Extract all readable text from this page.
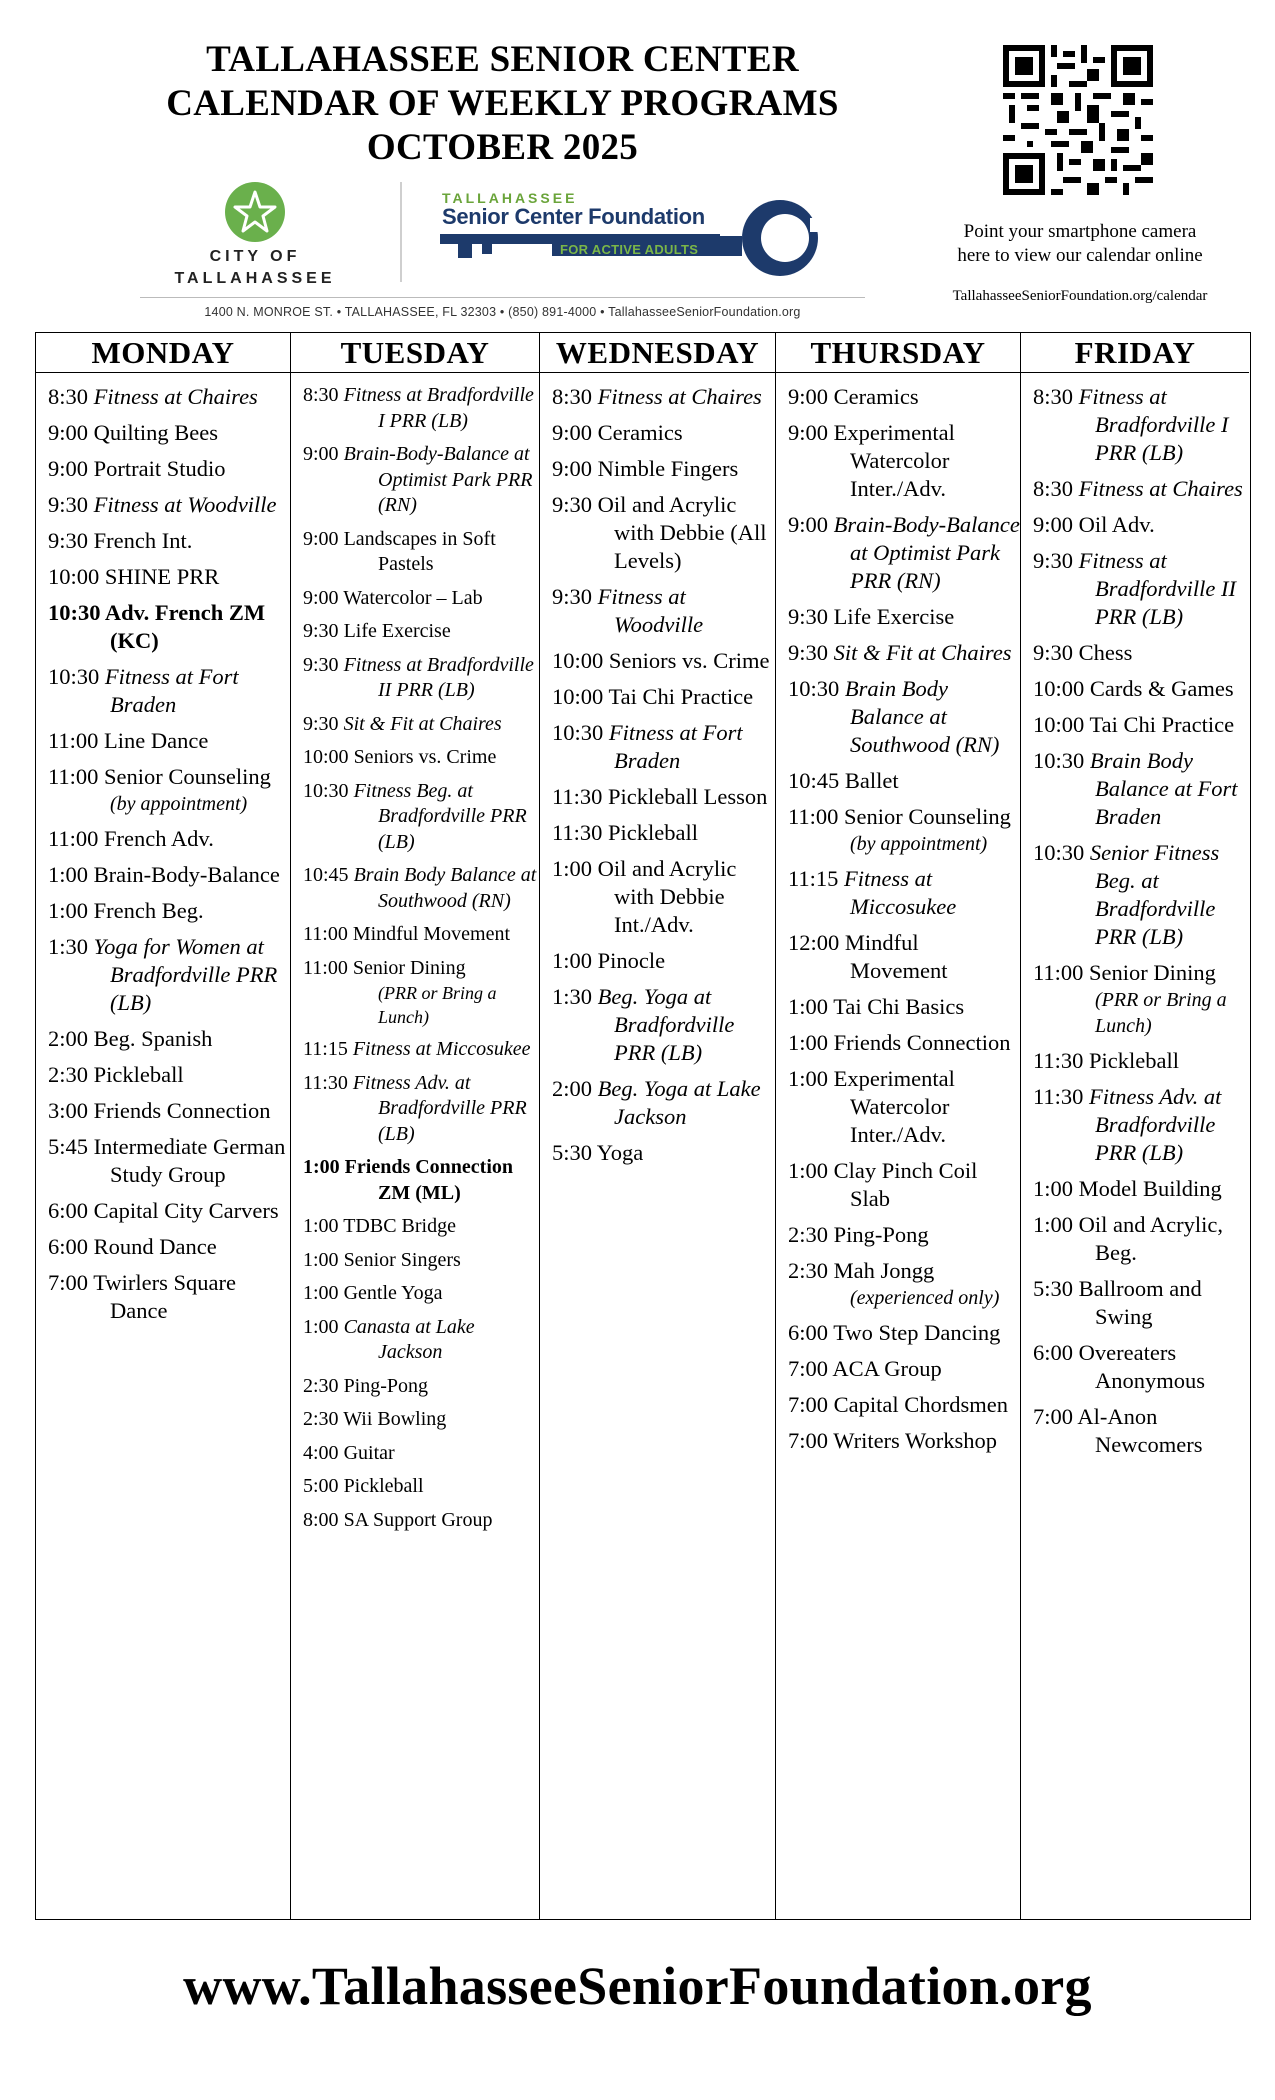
TALLAHASSEE SENIOR CENTER
CALENDAR OF WEEKLY PROGRAMS
OCTOBER 2025
CITY OF
TALLAHASSEE
TALLAHASSEE
Senior Center Foundation
FOR ACTIVE ADULTS
1400 N. MONROE ST. • TALLAHASSEE, FL 32303 • (850) 891-4000 • TallahasseeSeniorFoundation.org
Point your smartphone camera
here to view our calendar online
TallahasseeSeniorFoundation.org/calendar
MONDAY
8:30 Fitness at Chaires
9:00 Quilting Bees
9:00 Portrait Studio
9:30 Fitness at Woodville
9:30 French Int.
10:00 SHINE PRR
10:30 Adv. French ZM (KC)
10:30 Fitness at Fort Braden
11:00 Line Dance
11:00 Senior Counseling
(by appointment)
11:00 French Adv.
1:00 Brain-Body-Balance
1:00 French Beg.
1:30 Yoga for Women at Bradfordville PRR (LB)
2:00 Beg. Spanish
2:30 Pickleball
3:00 Friends Connection
5:45 Intermediate German Study Group
6:00 Capital City Carvers
6:00 Round Dance
7:00 Twirlers Square Dance
TUESDAY
8:30 Fitness at Bradfordville I PRR (LB)
9:00 Brain-Body-Balance at Optimist Park PRR (RN)
9:00 Landscapes in Soft Pastels
9:00 Watercolor – Lab
9:30 Life Exercise
9:30 Fitness at Bradfordville II PRR (LB)
9:30 Sit & Fit at Chaires
10:00 Seniors vs. Crime
10:30 Fitness Beg. at Bradfordville PRR (LB)
10:45 Brain Body Balance at Southwood (RN)
11:00 Mindful Movement
11:00 Senior Dining
(PRR or Bring a Lunch)
11:15 Fitness at Miccosukee
11:30 Fitness Adv. at Bradfordville PRR (LB)
1:00 Friends Connection ZM (ML)
1:00 TDBC Bridge
1:00 Senior Singers
1:00 Gentle Yoga
1:00 Canasta at Lake Jackson
2:30 Ping-Pong
2:30 Wii Bowling
4:00 Guitar
5:00 Pickleball
8:00 SA Support Group
WEDNESDAY
8:30 Fitness at Chaires
9:00 Ceramics
9:00 Nimble Fingers
9:30 Oil and Acrylic with Debbie (All Levels)
9:30 Fitness at Woodville
10:00 Seniors vs. Crime
10:00 Tai Chi Practice
10:30 Fitness at Fort Braden
11:30 Pickleball Lesson
11:30 Pickleball
1:00 Oil and Acrylic with Debbie Int./Adv.
1:00 Pinocle
1:30 Beg. Yoga at Bradfordville PRR (LB)
2:00 Beg. Yoga at Lake Jackson
5:30 Yoga
THURSDAY
9:00 Ceramics
9:00 Experimental Watercolor Inter./Adv.
9:00 Brain-Body-Balance at Optimist Park PRR (RN)
9:30 Life Exercise
9:30 Sit & Fit at Chaires
10:30 Brain Body Balance at Southwood (RN)
10:45 Ballet
11:00 Senior Counseling
(by appointment)
11:15 Fitness at Miccosukee
12:00 Mindful Movement
1:00 Tai Chi Basics
1:00 Friends Connection
1:00 Experimental Watercolor Inter./Adv.
1:00 Clay Pinch Coil Slab
2:30 Ping-Pong
2:30 Mah Jongg
(experienced only)
6:00 Two Step Dancing
7:00 ACA Group
7:00 Capital Chordsmen
7:00 Writers Workshop
FRIDAY
8:30 Fitness at Bradfordville I PRR (LB)
8:30 Fitness at Chaires
9:00 Oil Adv.
9:30 Fitness at Bradfordville II PRR (LB)
9:30 Chess
10:00 Cards & Games
10:00 Tai Chi Practice
10:30 Brain Body Balance at Fort Braden
10:30 Senior Fitness Beg. at Bradfordville PRR (LB)
11:00 Senior Dining
(PRR or Bring a Lunch)
11:30 Pickleball
11:30 Fitness Adv. at Bradfordville PRR (LB)
1:00 Model Building
1:00 Oil and Acrylic, Beg.
5:30 Ballroom and Swing
6:00 Overeaters Anonymous
7:00 Al-Anon Newcomers
www.TallahasseeSeniorFoundation.org
